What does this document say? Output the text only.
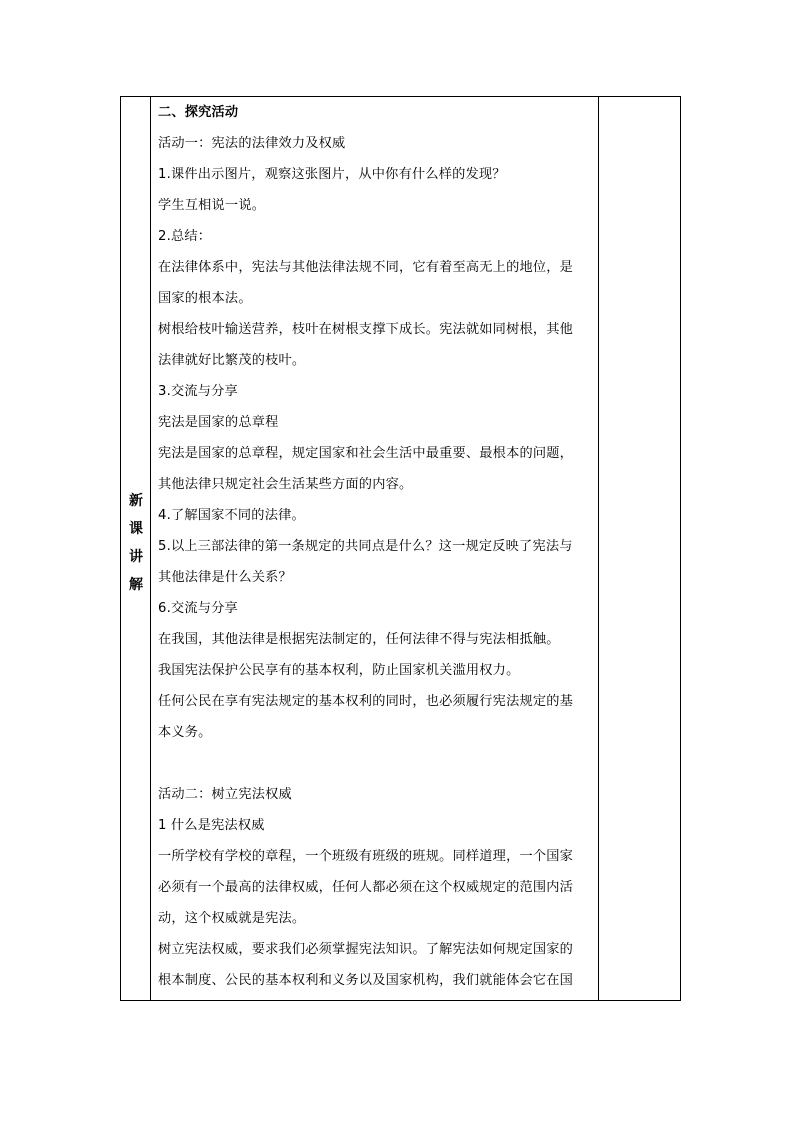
新
课
讲
解

二、探究活动

活动一：宪法的法律效力及权威

1.课件出示图片，观察这张图片，从中你有什么样的发现？

学生互相说一说。

2.总结：

在法律体系中，宪法与其他法律法规不同，它有着至高无上的地位，是

国家的根本法。

树根给枝叶输送营养，枝叶在树根支撑下成长。宪法就如同树根，其他

法律就好比繁茂的枝叶。

3.交流与分享

宪法是国家的总章程

宪法是国家的总章程，规定国家和社会生活中最重要、最根本的问题，

其他法律只规定社会生活某些方面的内容。

4.了解国家不同的法律。

5.以上三部法律的第一条规定的共同点是什么？这一规定反映了宪法与

其他法律是什么关系？

6.交流与分享

在我国，其他法律是根据宪法制定的，任何法律不得与宪法相抵触。

我国宪法保护公民享有的基本权利，防止国家机关滥用权力。

任何公民在享有宪法规定的基本权利的同时，也必须履行宪法规定的基

本义务。

活动二：树立宪法权威

1 什么是宪法权威

一所学校有学校的章程，一个班级有班级的班规。同样道理，一个国家

必须有一个最高的法律权威，任何人都必须在这个权威规定的范围内活

动，这个权威就是宪法。

树立宪法权威，要求我们必须掌握宪法知识。了解宪法如何规定国家的

根本制度、公民的基本权利和义务以及国家机构，我们就能体会它在国
